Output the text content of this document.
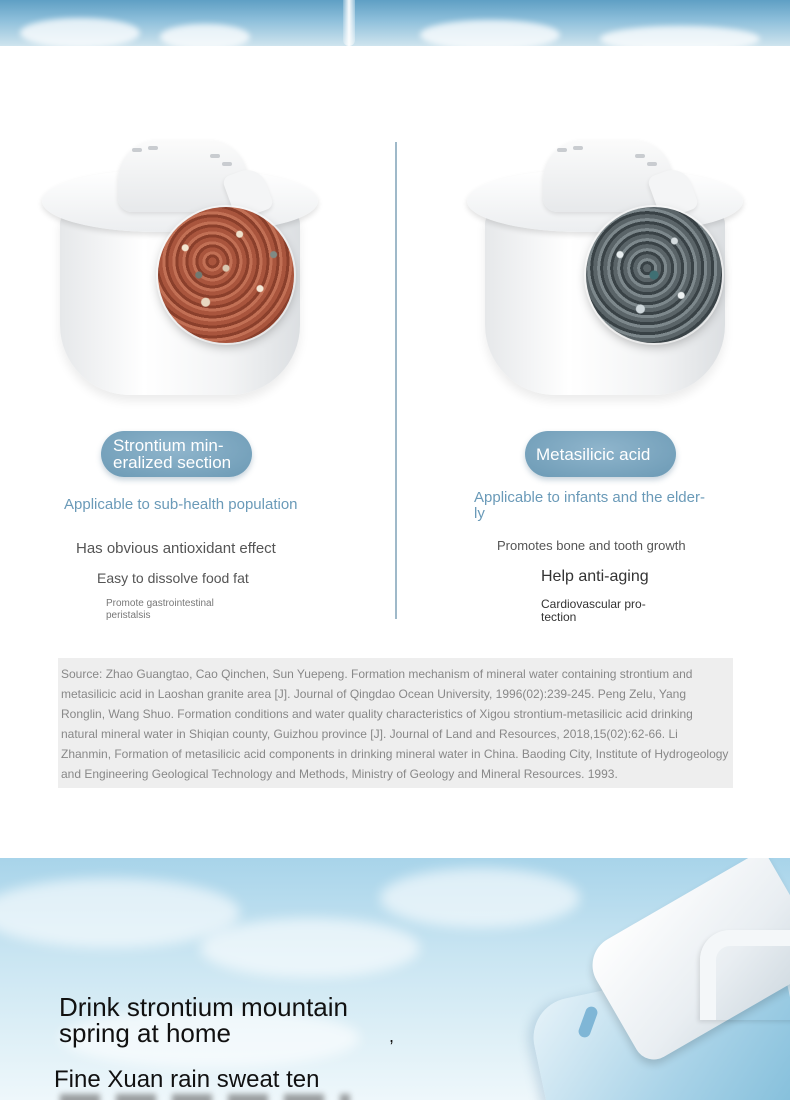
Strontium min-
eralized section
Applicable to sub-health population
Has obvious antioxidant effect
Easy to dissolve food fat
Promote gastrointestinal
peristalsis
Metasilicic acid
Applicable to infants and the elder-
ly
Promotes bone and tooth growth
Help anti-aging
Cardiovascular pro-
tection
Source: Zhao Guangtao, Cao Qinchen, Sun Yuepeng. Formation mechanism of mineral water containing strontium and metasilicic acid in Laoshan granite area [J]. Journal of Qingdao Ocean University, 1996(02):239-245. Peng Zelu, Yang Ronglin, Wang Shuo. Formation conditions and water quality characteristics of Xigou strontium-metasilicic acid drinking natural mineral water in Shiqian county, Guizhou province [J]. Journal of Land and Resources, 2018,15(02):62-66. Li Zhanmin, Formation of metasilicic acid components in drinking mineral water in China. Baoding City, Institute of Hydrogeology and Engineering Geological Technology and Methods, Ministry of Geology and Mineral Resources. 1993.
Drink strontium mountain
spring at home	,
Fine Xuan rain sweat ten
